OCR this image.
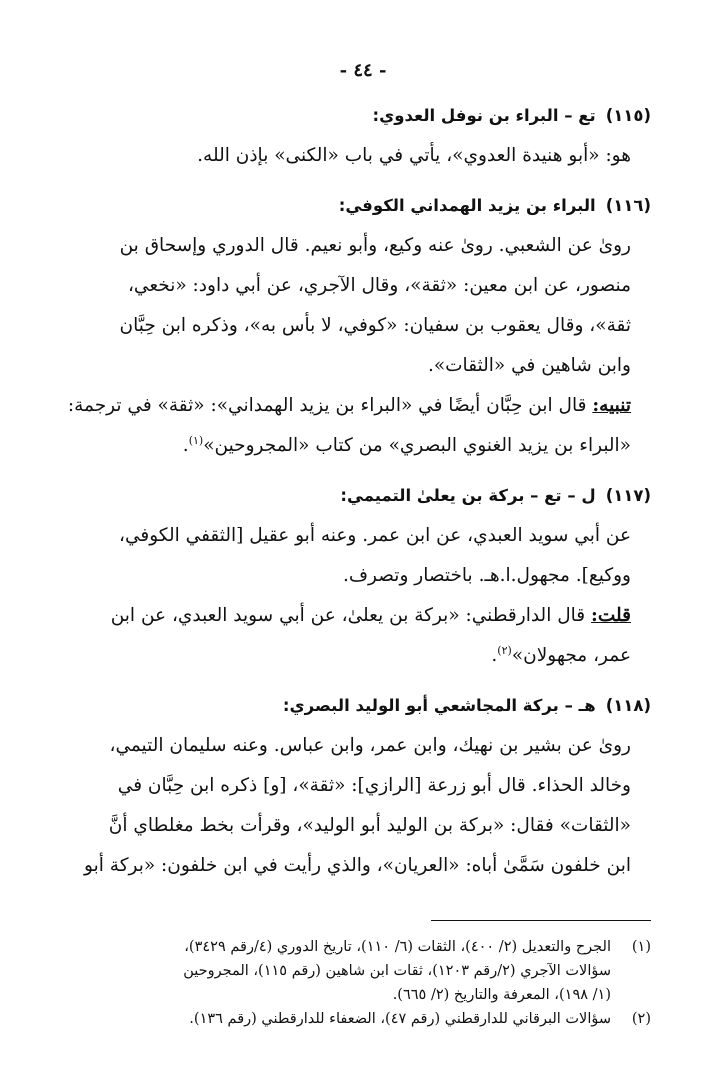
- ٤٤ -
(١١٥)تع – البراء بن نوفل العدوي:
هو: «أبو هنيدة العدوي»، يأتي في باب «الكنى» بإذن الله.
(١١٦)البراء بن يزيد الهمداني الكوفي:
روىٰ عن الشعبي. روىٰ عنه وكيع، وأبو نعيم. قال الدوري وإسحاق بن
منصور، عن ابن معين: «ثقة»، وقال الآجري، عن أبي داود: «نخعي،
ثقة»، وقال يعقوب بن سفيان: «كوفي، لا بأس به»، وذكره ابن حِبَّان
وابن شاهين في «الثقات».
تنبيه: قال ابن حِبَّان أيضًا في «البراء بن يزيد الهمداني»: «ثقة» في ترجمة:
«البراء بن يزيد الغنوي البصري» من كتاب «المجروحين»$^{(١)}$.
(١١٧)ل – تع – بركة بن يعلىٰ التميمي:
عن أبي سويد العبدي، عن ابن عمر. وعنه أبو عقيل [الثقفي الكوفي،
ووكيع]. مجهول.ا.هـ. باختصار وتصرف.
قلت: قال الدارقطني: «بركة بن يعلىٰ، عن أبي سويد العبدي، عن ابن
عمر، مجهولان»$^{(٢)}$.
(١١٨)هـ – بركة المجاشعي أبو الوليد البصري:
روىٰ عن بشير بن نهيك، وابن عمر، وابن عباس. وعنه سليمان التيمي،
وخالد الحذاء. قال أبو زرعة [الرازي]: «ثقة»، [و] ذكره ابن حِبَّان في
«الثقات» فقال: «بركة بن الوليد أبو الوليد»، وقرأت بخط مغلطاي أنَّ
ابن خلفون سَمَّىٰ أباه: «العريان»، والذي رأيت في ابن خلفون: «بركة أبو
(١)
الجرح والتعديل (٢/ ٤٠٠)، الثقات (٦/ ١١٠)، تاريخ الدوري (٤/رقم ٣٤٢٩)،
سؤالات الآجري (٢/رقم ١٢٠٣)، ثقات ابن شاهين (رقم ١١٥)، المجروحين
(١/ ١٩٨)، المعرفة والتاريخ (٢/ ٦٦٥).
(٢)
سؤالات البرقاني للدارقطني (رقم ٤٧)، الضعفاء للدارقطني (رقم ١٣٦).
